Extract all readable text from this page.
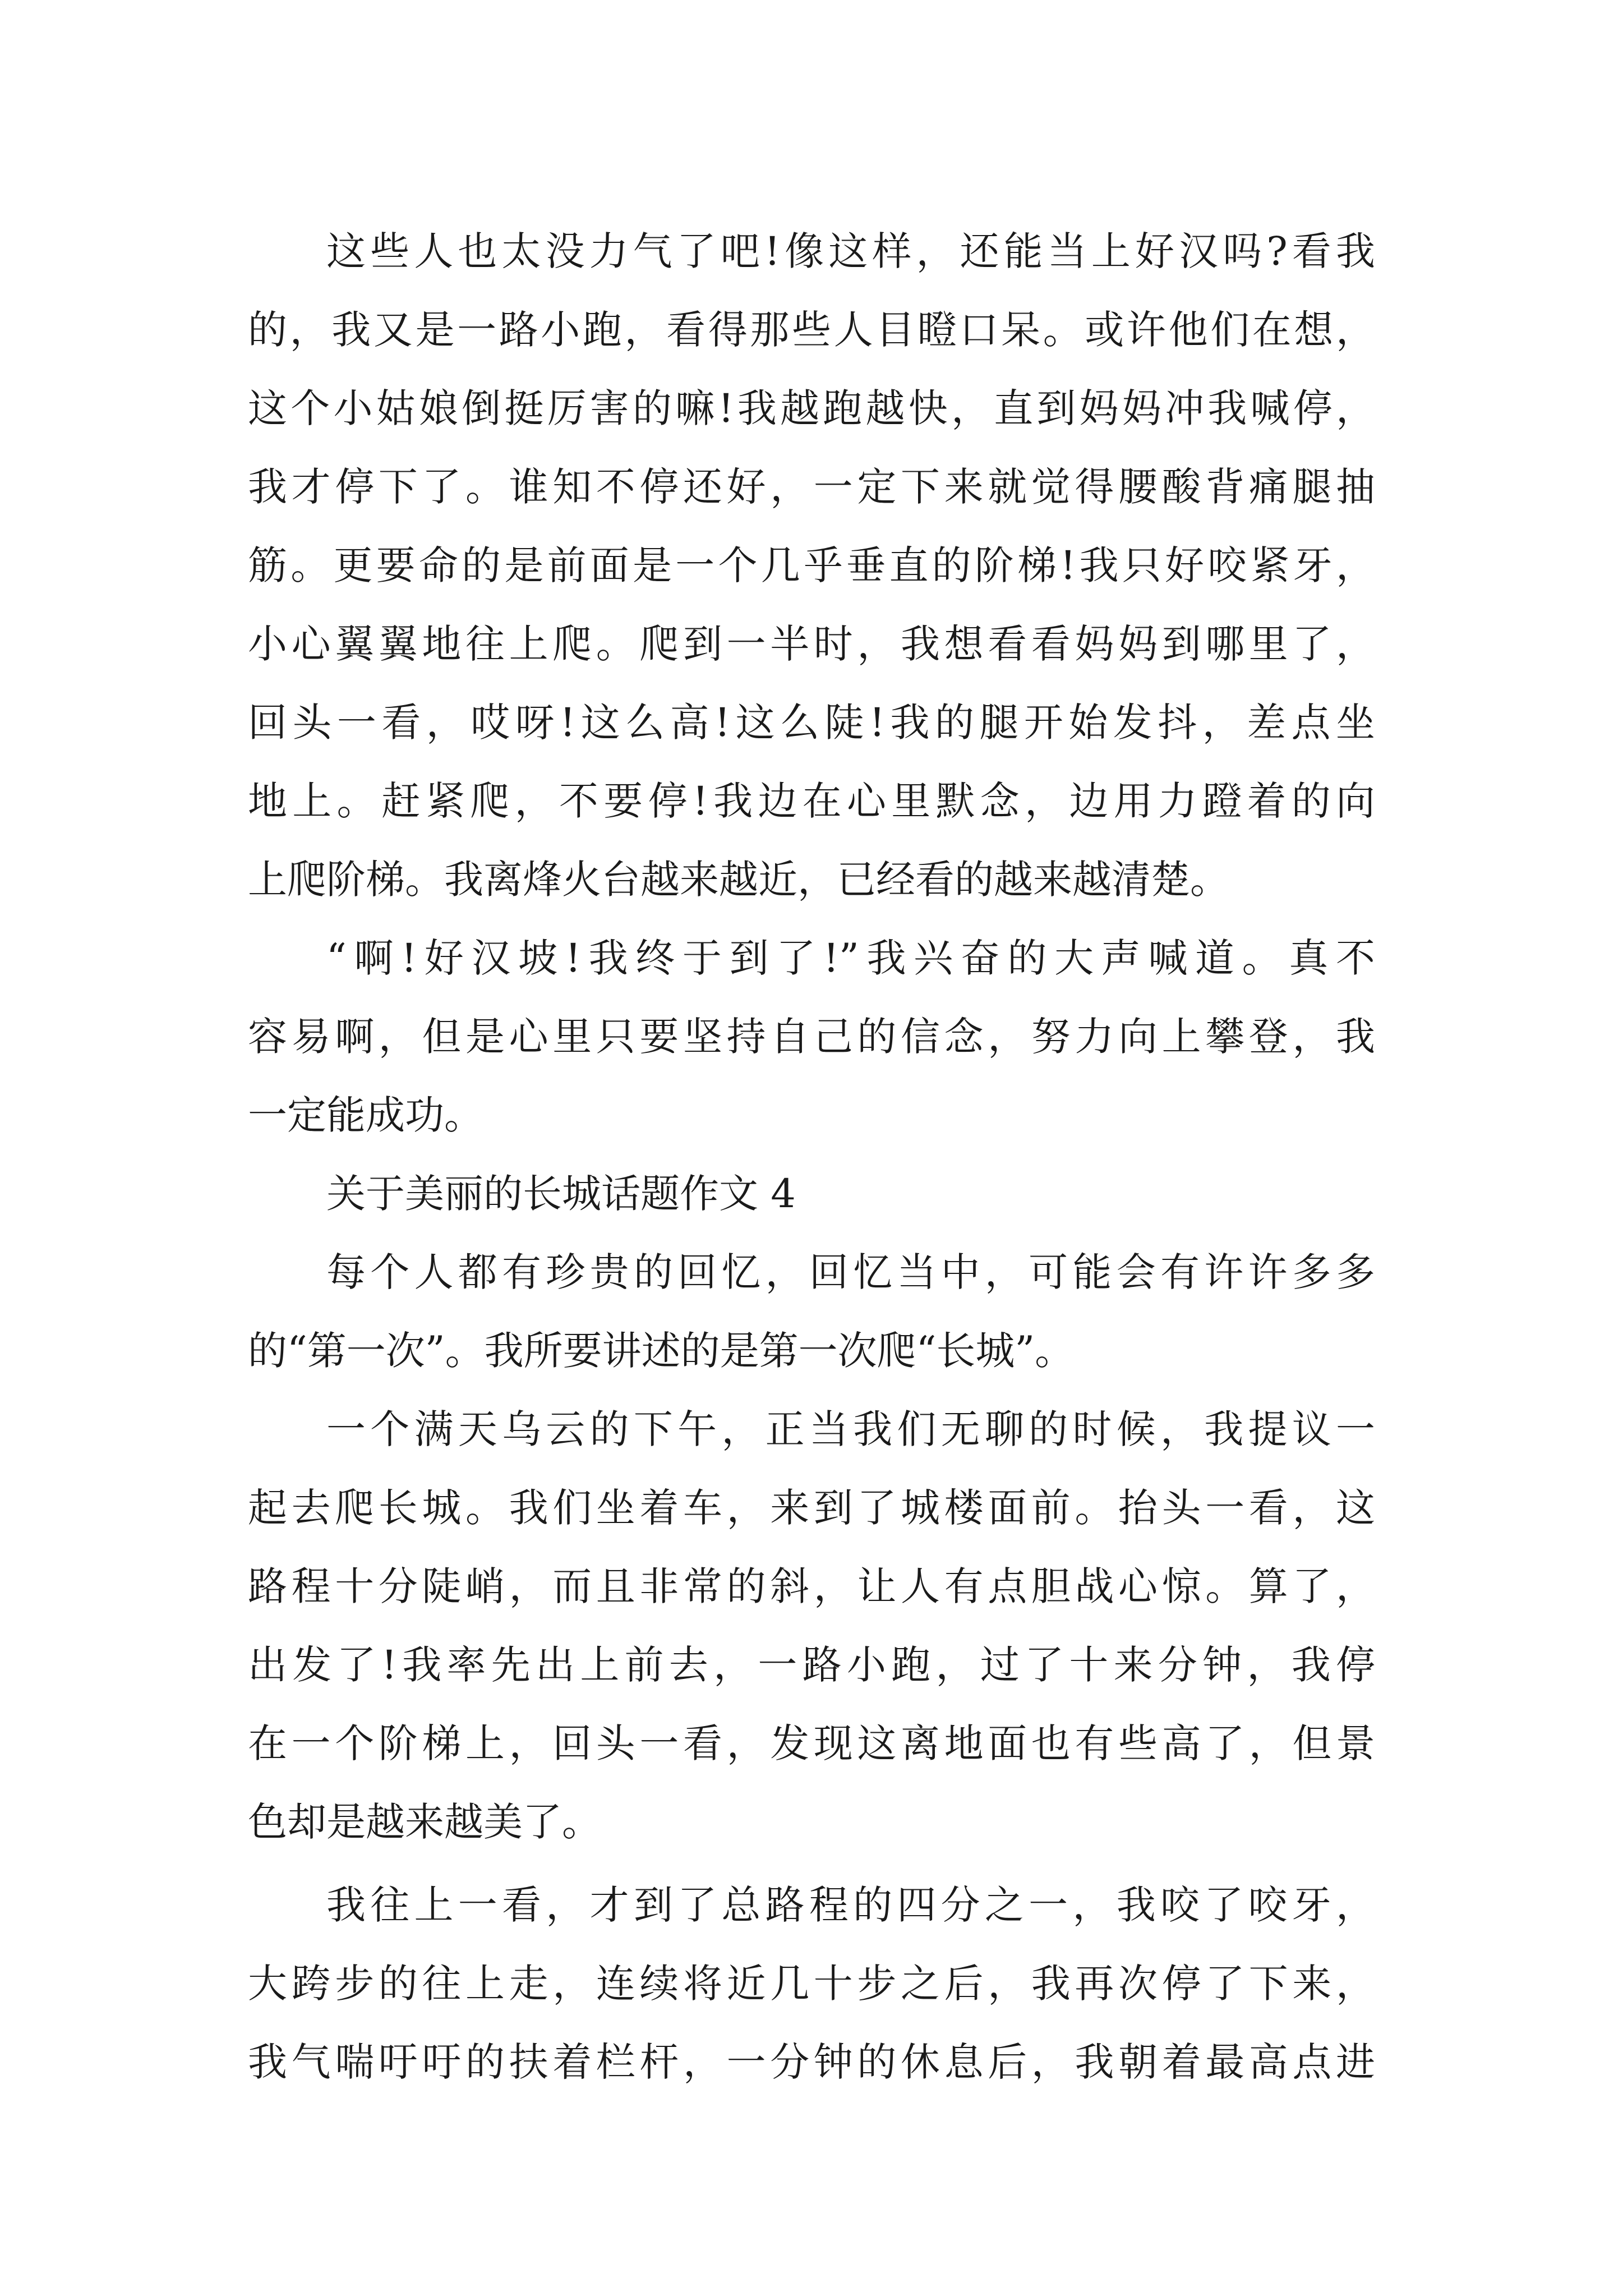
这些人也太没力气了吧!像这样，还能当上好汉吗?看我
的，我又是一路小跑，看得那些人目瞪口呆。或许他们在想，
这个小姑娘倒挺厉害的嘛!我越跑越快，直到妈妈冲我喊停，
我才停下了。谁知不停还好，一定下来就觉得腰酸背痛腿抽
筋。更要命的是前面是一个几乎垂直的阶梯!我只好咬紧牙，
小心翼翼地往上爬。爬到一半时，我想看看妈妈到哪里了，
回头一看，哎呀!这么高!这么陡!我的腿开始发抖，差点坐
地上。赶紧爬，不要停!我边在心里默念，边用力蹬着的向
上爬阶梯。我离烽火台越来越近，已经看的越来越清楚。
“啊!好汉坡!我终于到了!”我兴奋的大声喊道。真不
容易啊，但是心里只要坚持自己的信念，努力向上攀登，我
一定能成功。
关于美丽的长城话题作文 4
每个人都有珍贵的回忆，回忆当中，可能会有许许多多
的“第一次”。我所要讲述的是第一次爬“长城”。
一个满天乌云的下午，正当我们无聊的时候，我提议一
起去爬长城。我们坐着车，来到了城楼面前。抬头一看，这
路程十分陡峭，而且非常的斜，让人有点胆战心惊。算了，
出发了!我率先出上前去，一路小跑，过了十来分钟，我停
在一个阶梯上，回头一看，发现这离地面也有些高了，但景
色却是越来越美了。
我往上一看，才到了总路程的四分之一，我咬了咬牙，
大跨步的往上走，连续将近几十步之后，我再次停了下来，
我气喘吁吁的扶着栏杆，一分钟的休息后，我朝着最高点进
